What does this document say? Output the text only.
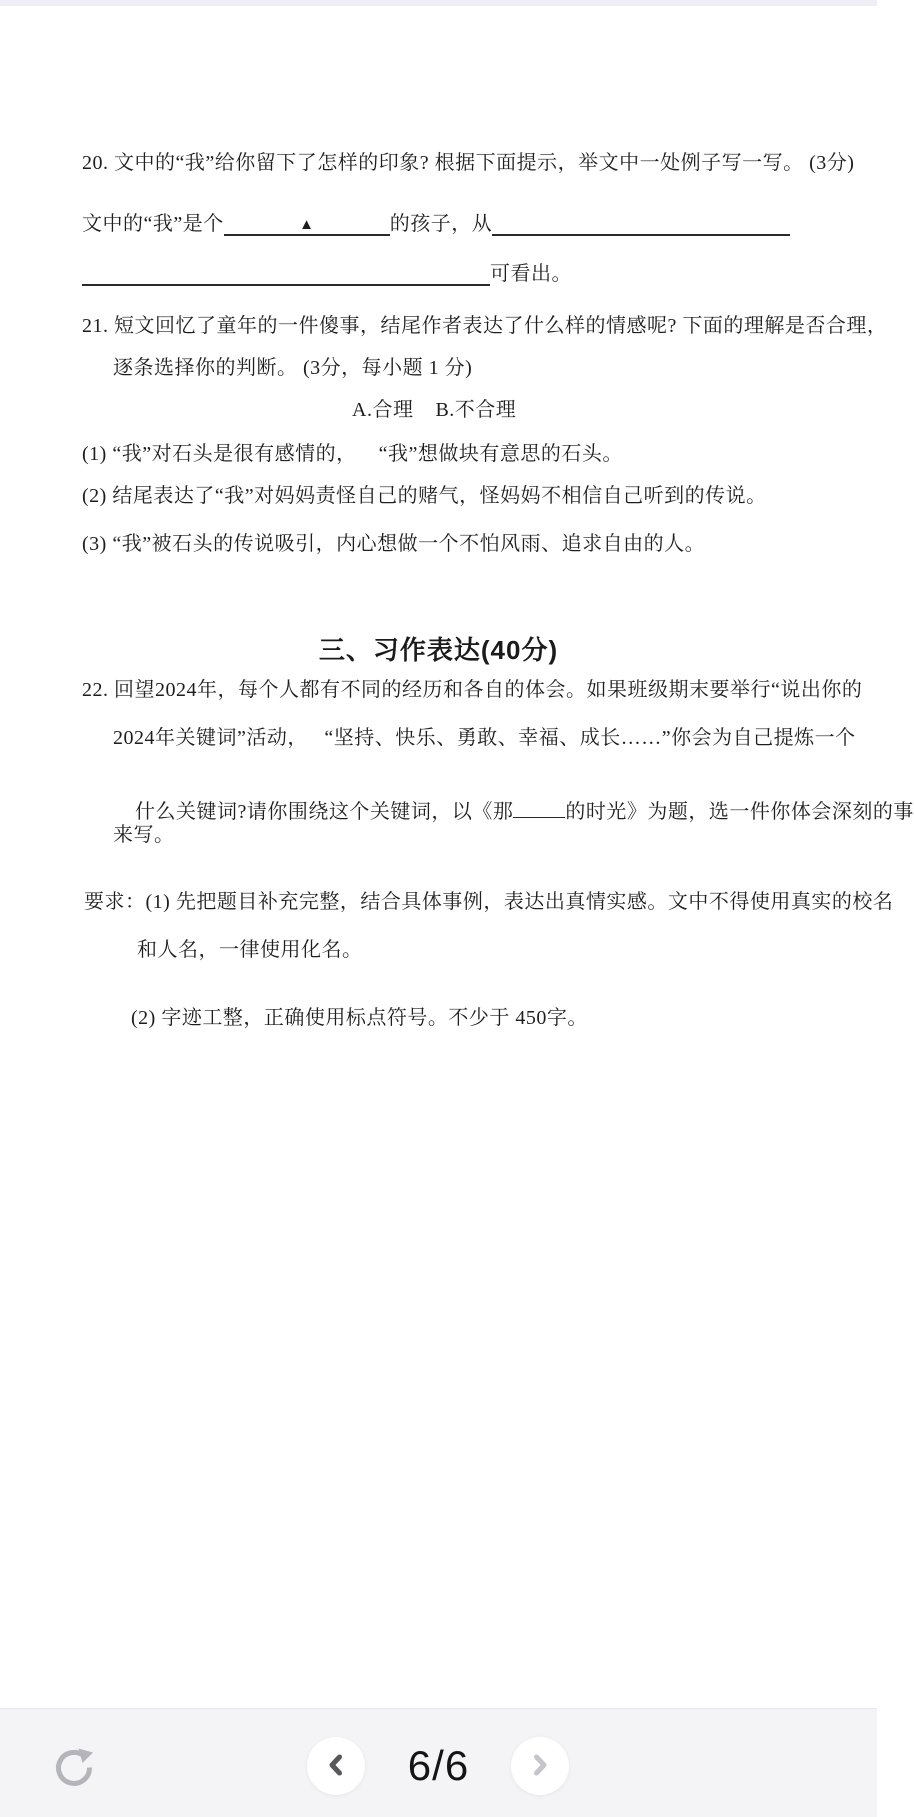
20. 文中的“我”给你留下了怎样的印象? 根据下面提示，举文中一处例子写一写。 (3分)
文中的“我”是个	▲	的孩子，从
可看出。
21. 短文回忆了童年的一件傻事，结尾作者表达了什么样的情感呢? 下面的理解是否合理，
逐条选择你的判断。 (3分，每小题 1 分)
A.合理 B.不合理
(1) “我”对石头是很有感情的，    “我”想做块有意思的石头。
(2) 结尾表达了“我”对妈妈责怪自己的赌气，怪妈妈不相信自己听到的传说。
(3) “我”被石头的传说吸引，内心想做一个不怕风雨、追求自由的人。
三、习作表达(40分)
22. 回望2024年，每个人都有不同的经历和各自的体会。如果班级期末要举行“说出你的
2024年关键词”活动，   “坚持、快乐、勇敢、幸福、成长……”你会为自己提炼一个

什么关键词?请你围绕这个关键词，以《那	的时光》为题，选一件你体会深刻的事

来写。
要求：(1) 先把题目补充完整，结合具体事例，表达出真情实感。文中不得使用真实的校名
和人名，一律使用化名。
(2) 字迹工整，正确使用标点符号。不少于 450字。
6/6
